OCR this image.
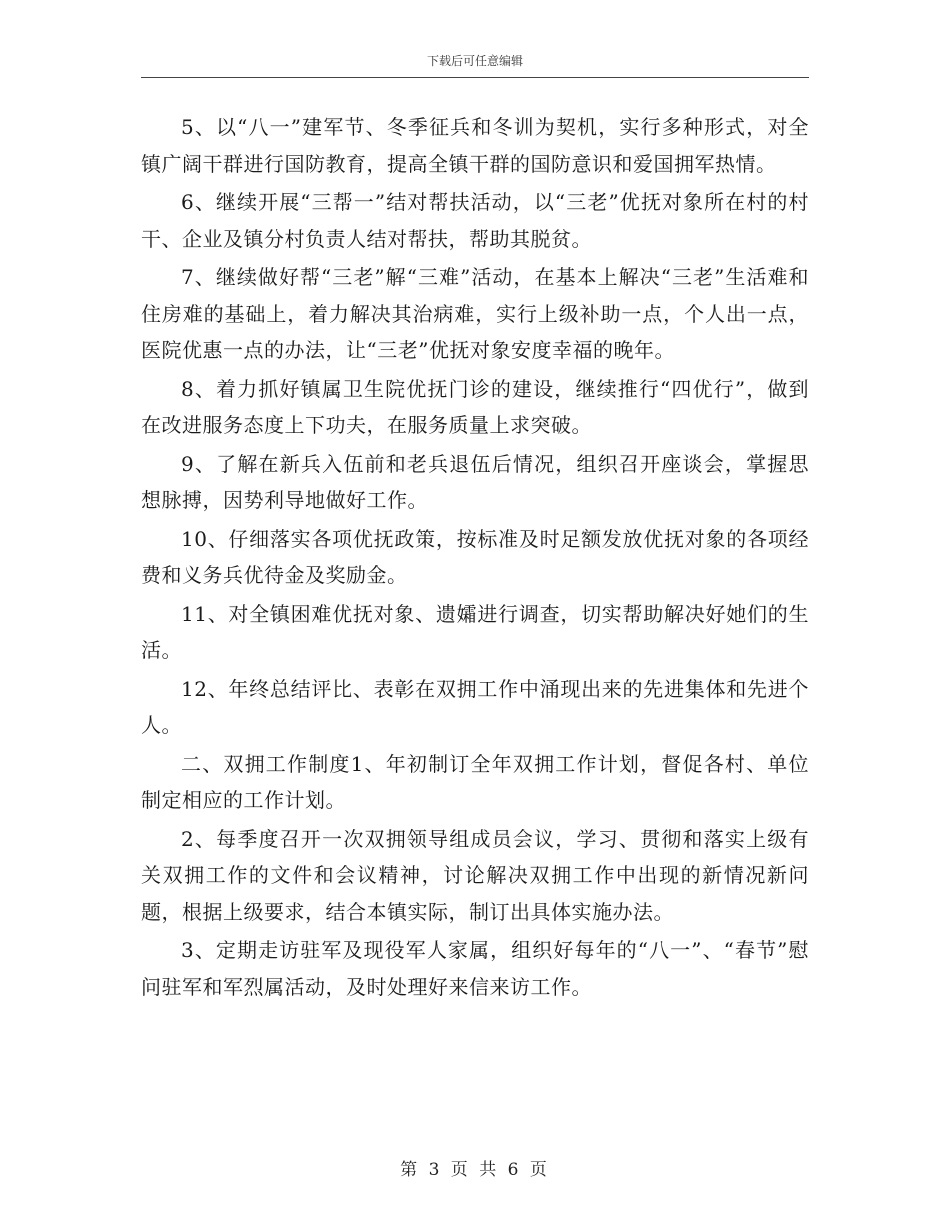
下载后可任意编辑

5、以“八一”建军节、冬季征兵和冬训为契机，实行多种形式，对全镇广阔干群进行国防教育，提高全镇干群的国防意识和爱国拥军热情。

6、继续开展“三帮一”结对帮扶活动，以“三老”优抚对象所在村的村干、企业及镇分村负责人结对帮扶，帮助其脱贫。

7、继续做好帮“三老”解“三难”活动，在基本上解决“三老”生活难和住房难的基础上，着力解决其治病难，实行上级补助一点，个人出一点，医院优惠一点的办法，让“三老”优抚对象安度幸福的晚年。

8、着力抓好镇属卫生院优抚门诊的建设，继续推行“四优行”，做到在改进服务态度上下功夫，在服务质量上求突破。

9、了解在新兵入伍前和老兵退伍后情况，组织召开座谈会，掌握思想脉搏，因势利导地做好工作。

10、仔细落实各项优抚政策，按标准及时足额发放优抚对象的各项经费和义务兵优待金及奖励金。

11、对全镇困难优抚对象、遗孀进行调查，切实帮助解决好她们的生活。

12、年终总结评比、表彰在双拥工作中涌现出来的先进集体和先进个人。

二、双拥工作制度1、年初制订全年双拥工作计划，督促各村、单位制定相应的工作计划。

2、每季度召开一次双拥领导组成员会议，学习、贯彻和落实上级有关双拥工作的文件和会议精神，讨论解决双拥工作中出现的新情况新问题，根据上级要求，结合本镇实际，制订出具体实施办法。

3、定期走访驻军及现役军人家属，组织好每年的“八一”、“春节”慰问驻军和军烈属活动，及时处理好来信来访工作。

第 3 页 共 6 页
